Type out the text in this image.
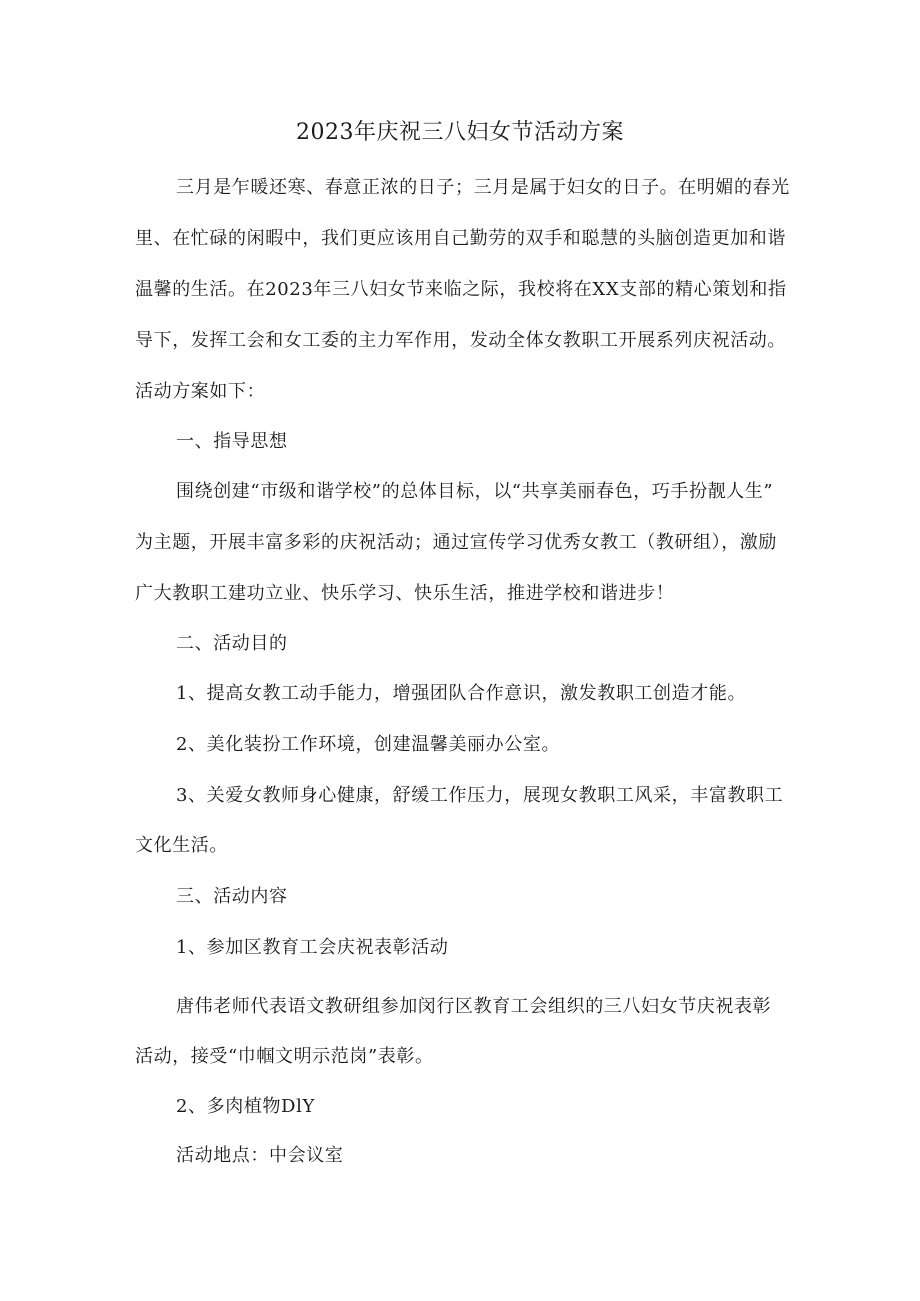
2023年庆祝三八妇女节活动方案

三月是乍暖还寒、春意正浓的日子；三月是属于妇女的日子。在明媚的春光

里、在忙碌的闲暇中，我们更应该用自己勤劳的双手和聪慧的头脑创造更加和谐

温馨的生活。在2023年三八妇女节来临之际，我校将在XX支部的精心策划和指

导下，发挥工会和女工委的主力军作用，发动全体女教职工开展系列庆祝活动。

活动方案如下：

一、指导思想

围绕创建“市级和谐学校”的总体目标，以“共享美丽春色，巧手扮靓人生”

为主题，开展丰富多彩的庆祝活动；通过宣传学习优秀女教工（教研组），激励

广大教职工建功立业、快乐学习、快乐生活，推进学校和谐进步！

二、活动目的

1、提高女教工动手能力，增强团队合作意识，激发教职工创造才能。

2、美化装扮工作环境，创建温馨美丽办公室。

3、关爱女教师身心健康，舒缓工作压力，展现女教职工风采，丰富教职工

文化生活。

三、活动内容

1、参加区教育工会庆祝表彰活动

唐伟老师代表语文教研组参加闵行区教育工会组织的三八妇女节庆祝表彰

活动，接受“巾帼文明示范岗”表彰。

2、多肉植物DlY

活动地点：中会议室
